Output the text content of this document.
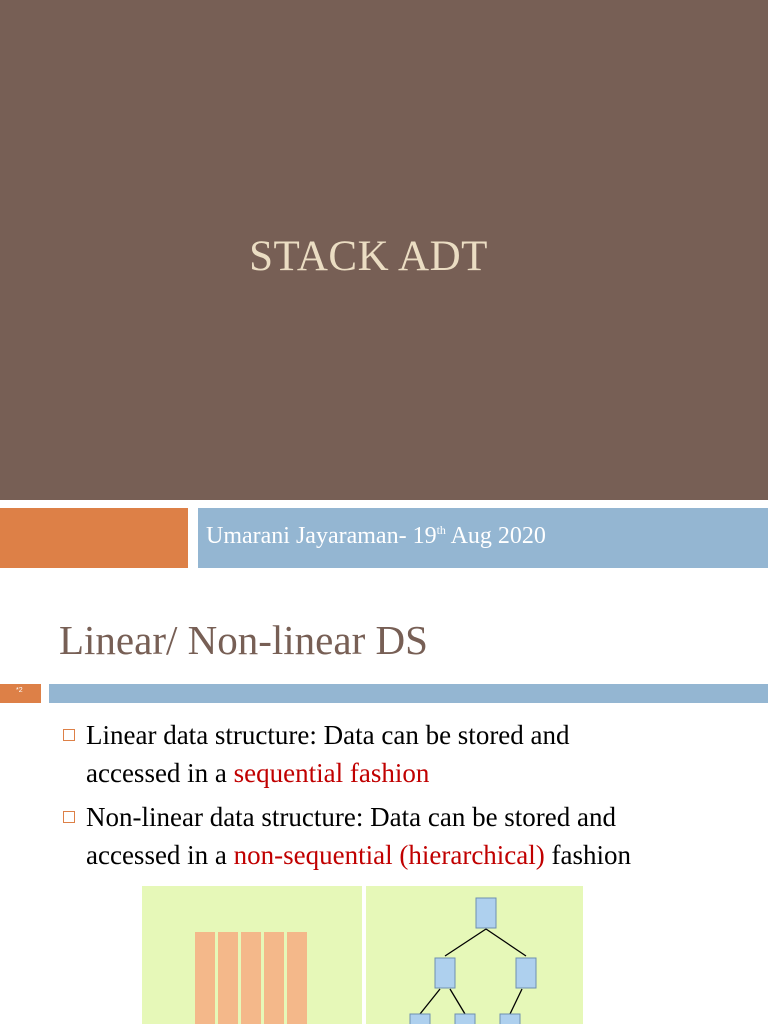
STACK ADT
Umarani Jayaraman- 19th Aug 2020
Linear/ Non-linear DS
*2
Linear data structure: Data can be stored and
accessed in a sequential fashion
Non-linear data structure: Data can be stored and
accessed in a non-sequential (hierarchical) fashion
